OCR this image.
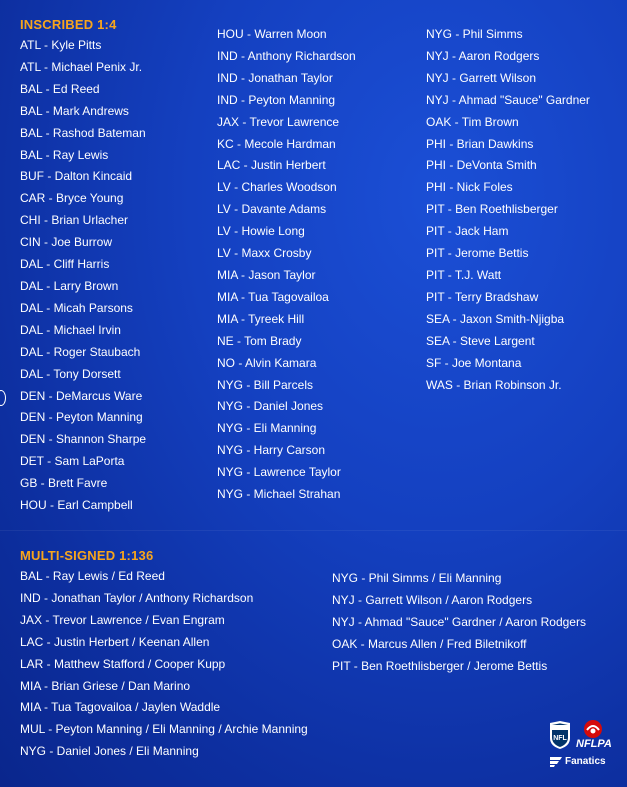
INSCRIBED 1:4
ATL - Kyle Pitts
ATL - Michael Penix Jr.
BAL - Ed Reed
BAL - Mark Andrews
BAL - Rashod Bateman
BAL - Ray Lewis
BUF - Dalton Kincaid
CAR - Bryce Young
CHI - Brian Urlacher
CIN - Joe Burrow
DAL - Cliff Harris
DAL - Larry Brown
DAL - Micah Parsons
DAL - Michael Irvin
DAL - Roger Staubach
DAL - Tony Dorsett
DEN - DeMarcus Ware
DEN - Peyton Manning
DEN - Shannon Sharpe
DET - Sam LaPorta
GB - Brett Favre
HOU - Earl Campbell
HOU - Warren Moon
IND - Anthony Richardson
IND - Jonathan Taylor
IND - Peyton Manning
JAX - Trevor Lawrence
KC - Mecole Hardman
LAC - Justin Herbert
LV - Charles Woodson
LV - Davante Adams
LV - Howie Long
LV - Maxx Crosby
MIA - Jason Taylor
MIA - Tua Tagovailoa
MIA - Tyreek Hill
NE - Tom Brady
NO - Alvin Kamara
NYG - Bill Parcels
NYG - Daniel Jones
NYG - Eli Manning
NYG - Harry Carson
NYG - Lawrence Taylor
NYG - Michael Strahan
NYG - Phil Simms
NYJ - Aaron Rodgers
NYJ - Garrett Wilson
NYJ - Ahmad "Sauce" Gardner
OAK - Tim Brown
PHI - Brian Dawkins
PHI - DeVonta Smith
PHI - Nick Foles
PIT - Ben Roethlisberger
PIT - Jack Ham
PIT - Jerome Bettis
PIT - T.J. Watt
PIT - Terry Bradshaw
SEA - Jaxon Smith-Njigba
SEA - Steve Largent
SF - Joe Montana
WAS - Brian Robinson Jr.
MULTI-SIGNED 1:136
BAL - Ray Lewis / Ed Reed
IND - Jonathan Taylor / Anthony Richardson
JAX - Trevor Lawrence / Evan Engram
LAC - Justin Herbert / Keenan Allen
LAR - Matthew Stafford / Cooper Kupp
MIA - Brian Griese / Dan Marino
MIA - Tua Tagovailoa / Jaylen Waddle
MUL - Peyton Manning / Eli Manning / Archie Manning
NYG - Daniel Jones / Eli Manning
NYG - Phil Simms / Eli Manning
NYJ - Garrett Wilson / Aaron Rodgers
NYJ - Ahmad "Sauce" Gardner / Aaron Rodgers
OAK - Marcus Allen / Fred Biletnikoff
PIT - Ben Roethlisberger / Jerome Bettis
NFL NFLPA
Fanatics
